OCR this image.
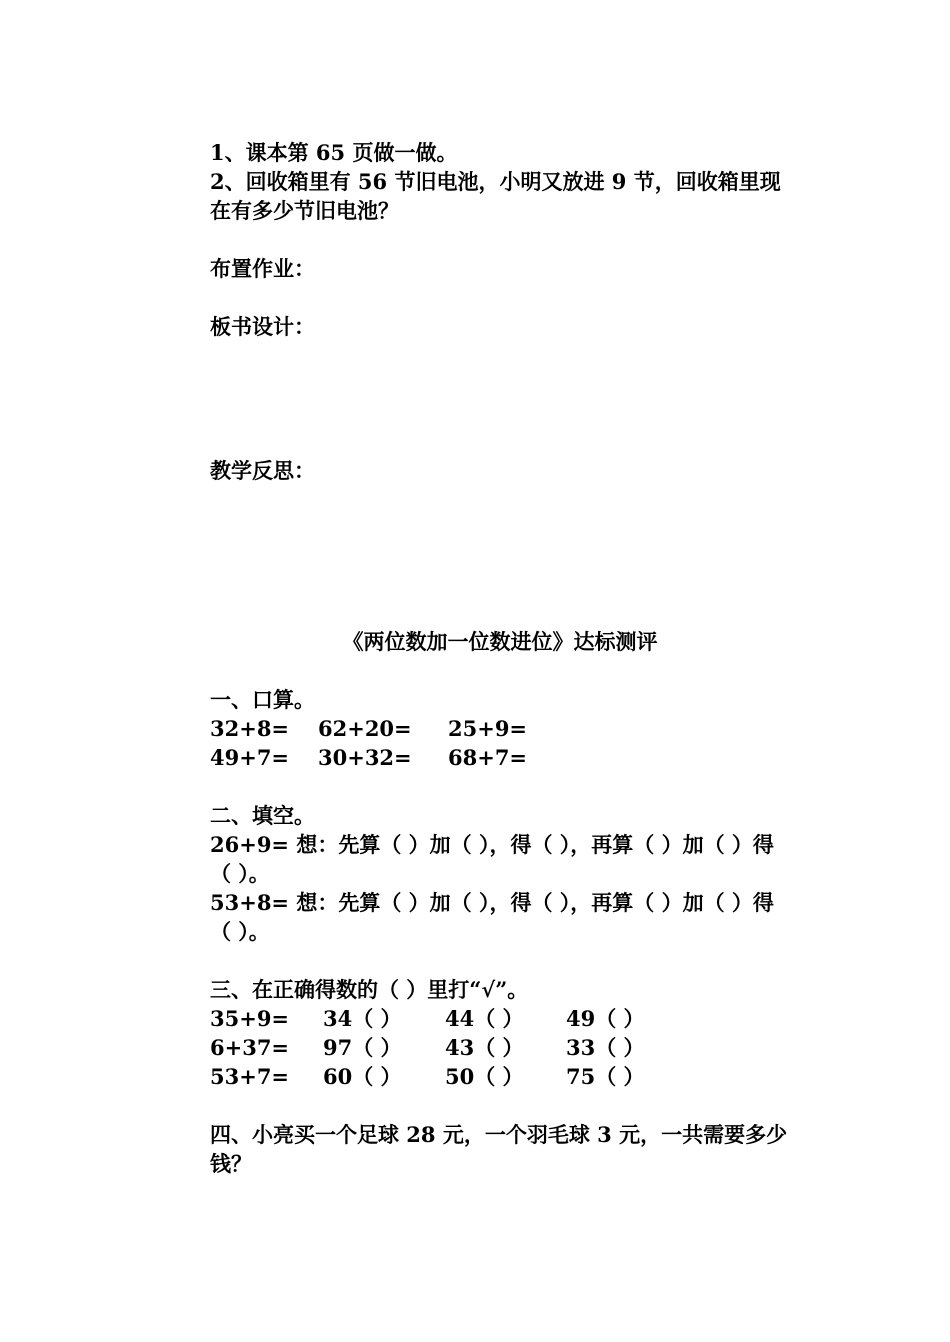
1、课本第 65 页做一做。
2、回收箱里有 56 节旧电池，小明又放进 9 节，回收箱里现在有多少节旧电池？
布置作业：
板书设计：
教学反思：
《两位数加一位数进位》达标测评
一、口算。
32+8= 62+20= 25+9=
49+7= 30+32= 68+7=
二、填空。
26+9= 想：先算（ ）加（ ），得（ ），再算（ ）加（ ）得（ ）。
53+8= 想：先算（ ）加（ ），得（ ），再算（ ）加（ ）得（ ）。
三、在正确得数的（ ）里打“√”。
35+9= 34（ ） 44（ ） 49（ ）
6+37= 97（ ） 43（ ） 33（ ）
53+7= 60（ ） 50（ ） 75（ ）
四、小亮买一个足球 28 元，一个羽毛球 3 元，一共需要多少钱？
